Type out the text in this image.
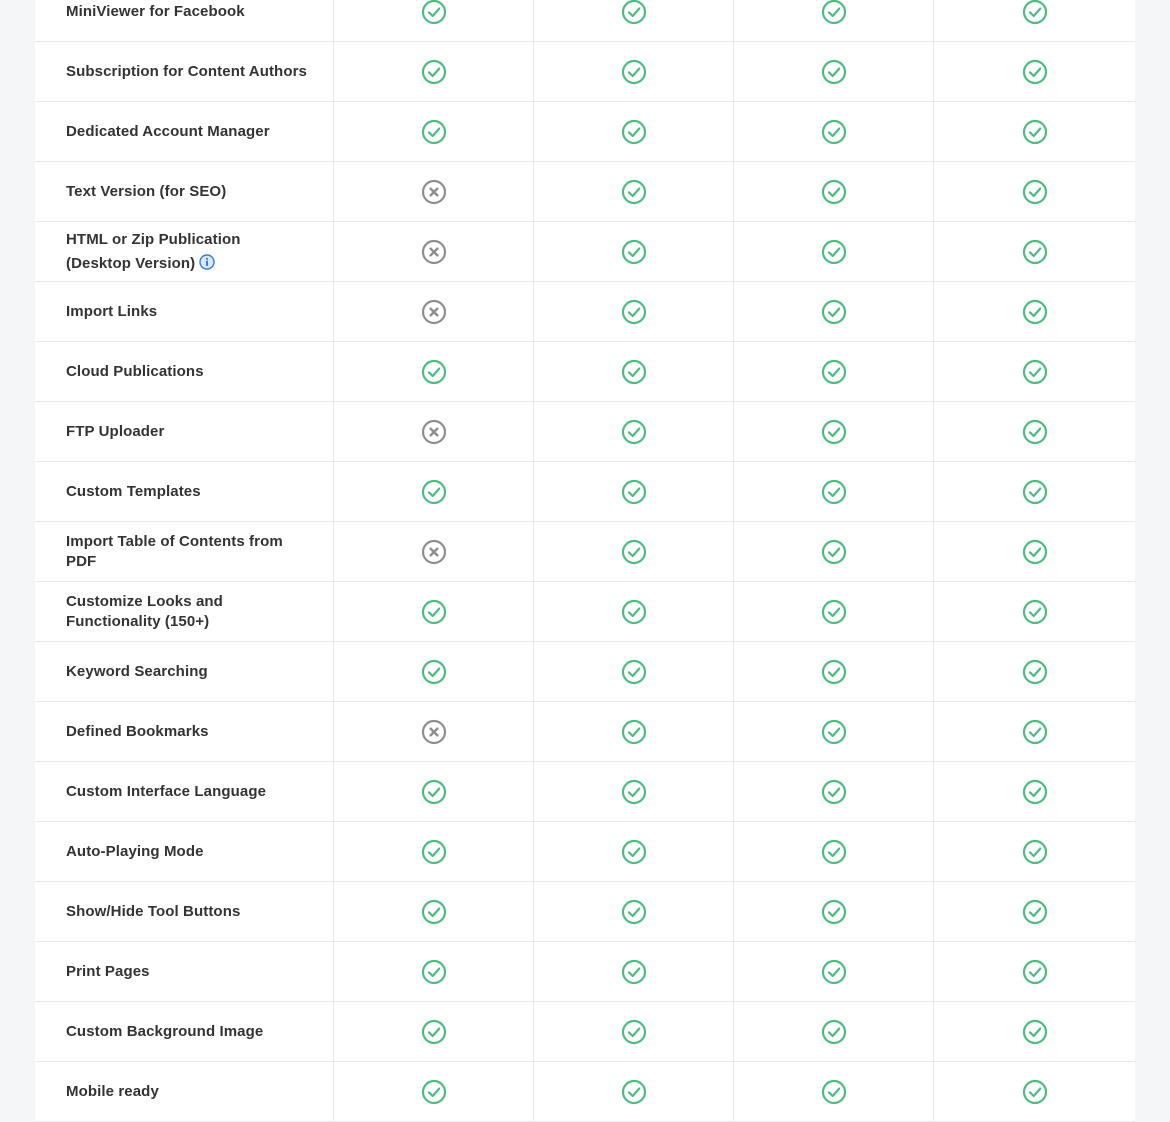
MiniViewer for Facebook
Subscription for Content Authors
Dedicated Account Manager
Text Version (for SEO)
HTML or Zip Publication (Desktop Version)
Import Links
Cloud Publications
FTP Uploader
Custom Templates
Import Table of Contents from PDF
Customize Looks and Functionality (150+)
Keyword Searching
Defined Bookmarks
Custom Interface Language
Auto-Playing Mode
Show/Hide Tool Buttons
Print Pages
Custom Background Image
Mobile ready
